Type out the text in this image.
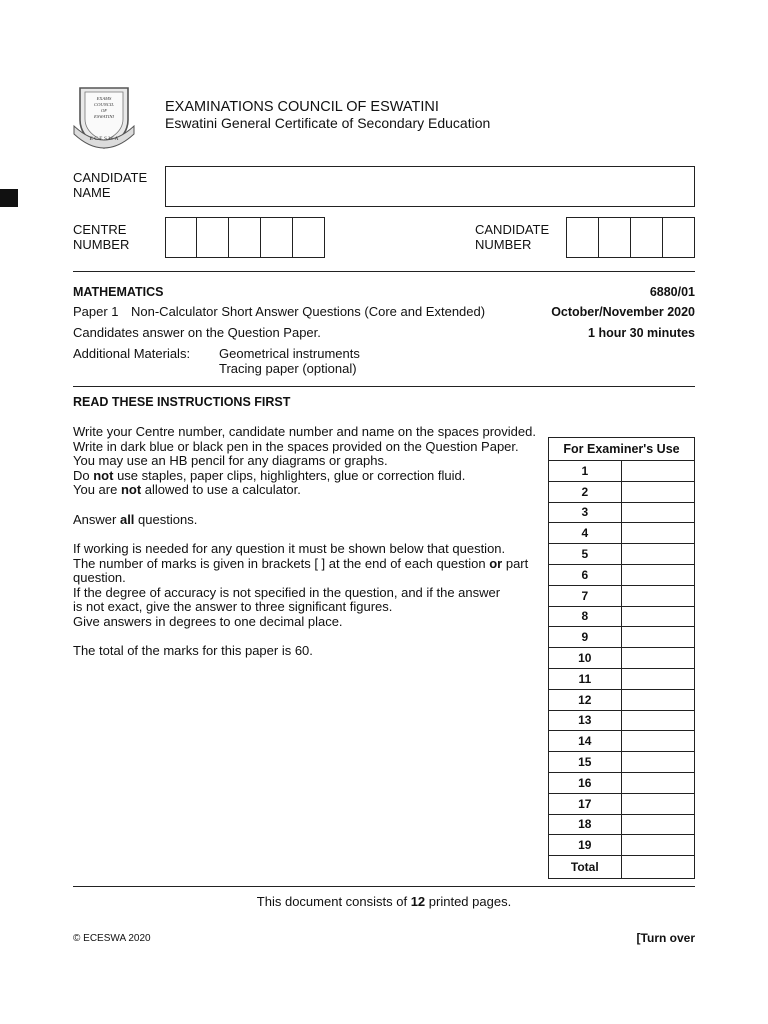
EXAMS
COUNCIL
OF
ESWATINI
E C E S W A
EXAMINATIONS COUNCIL OF ESWATINI
Eswatini General Certificate of Secondary Education
CANDIDATE
NAME
CENTRE
NUMBER
CANDIDATE
NUMBER
MATHEMATICS	6880/01
Paper 1 Non-Calculator Short Answer Questions (Core and Extended)	October/November 2020
Candidates answer on the Question Paper.	1 hour 30 minutes
Additional Materials: Geometrical instruments
Tracing paper (optional)
READ THESE INSTRUCTIONS FIRST
Write your Centre number, candidate number and name on the spaces provided.
Write in dark blue or black pen in the spaces provided on the Question Paper.
You may use an HB pencil for any diagrams or graphs.
Do not use staples, paper clips, highlighters, glue or correction fluid.
You are not allowed to use a calculator.
Answer all questions.
If working is needed for any question it must be shown below that question.
The number of marks is given in brackets [ ] at the end of each question or part
question.
If the degree of accuracy is not specified in the question, and if the answer
is not exact, give the answer to three significant figures.
Give answers in degrees to one decimal place.
The total of the marks for this paper is 60.
For Examiner's Use	
1	
2	
3	
4	
5	
6	
7	
8	
9	
10	
11	
12	
13	
14	
15	
16	
17	
18	
19	
Total	
This document consists of 12 printed pages.
© ECESWA 2020	[Turn over
